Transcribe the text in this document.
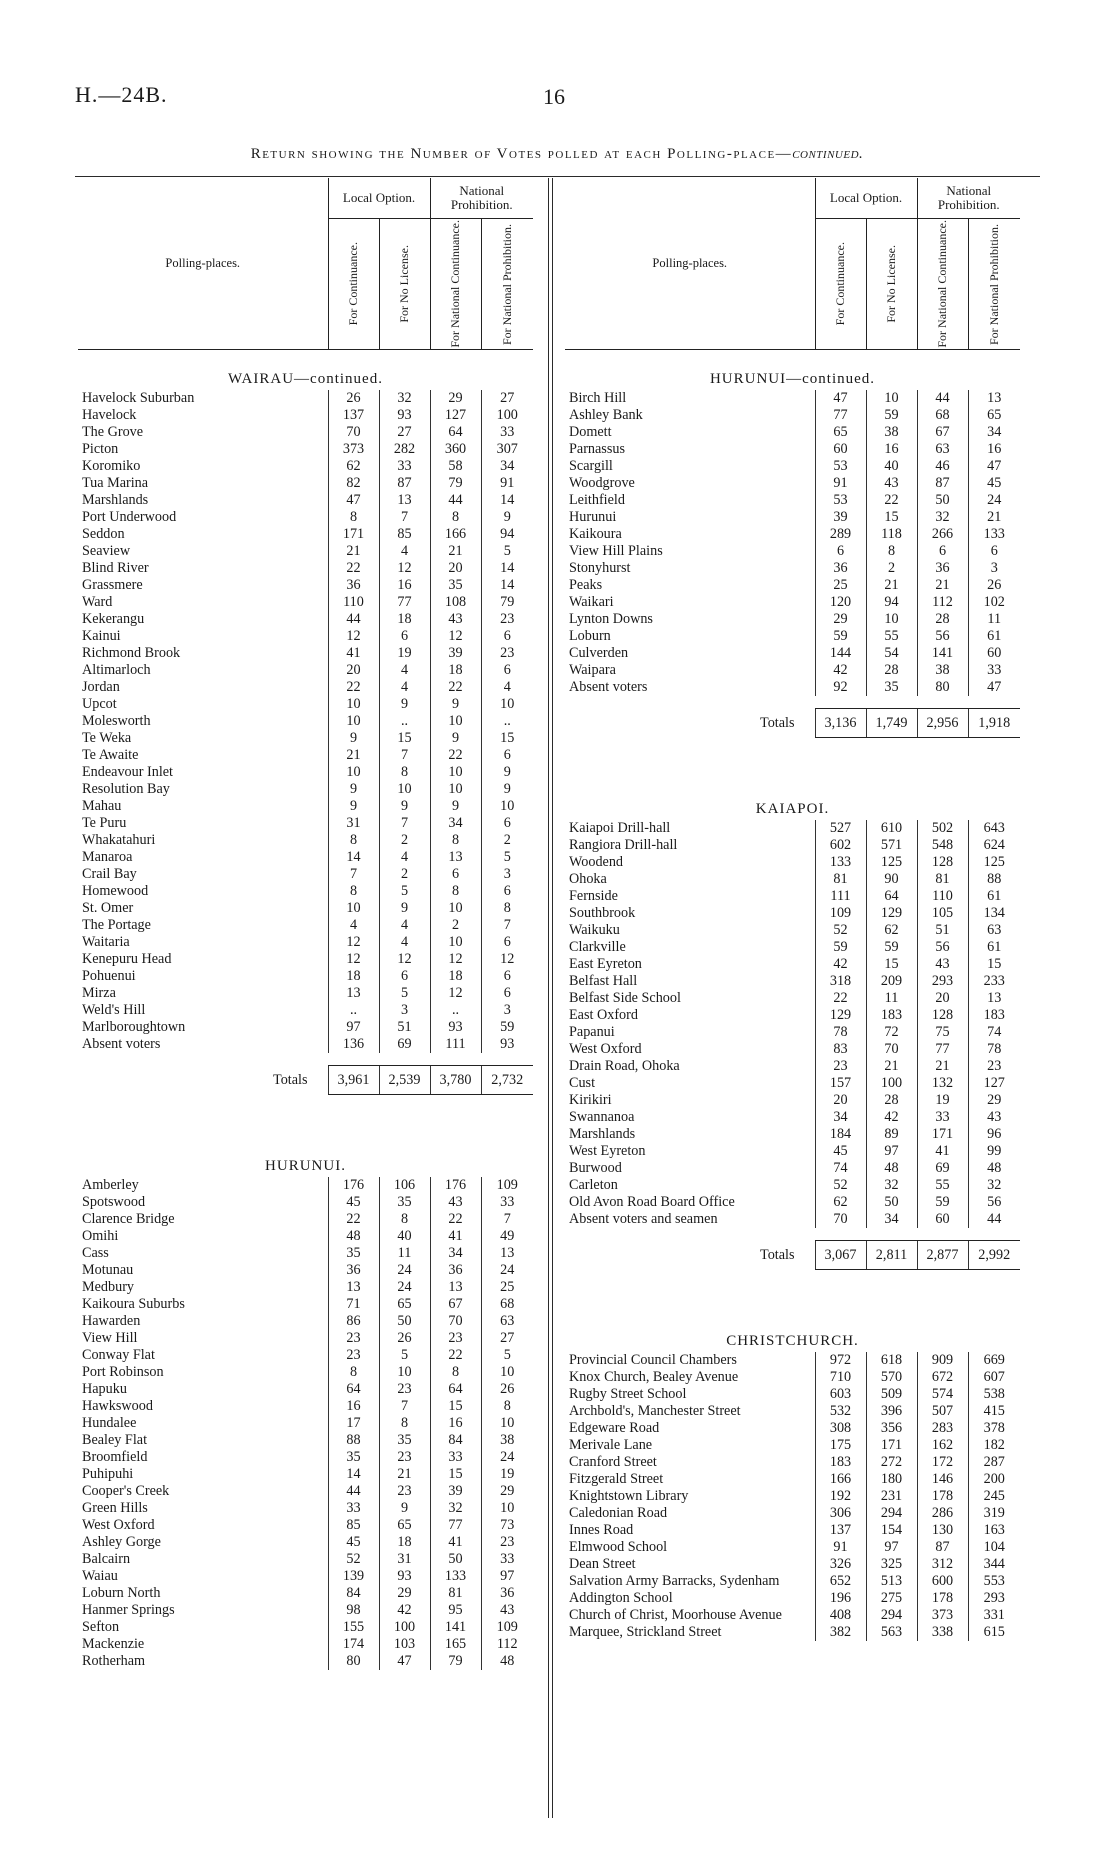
H.—24B.	16
Return showing the Number of Votes polled at each Polling-place—continued.
Polling-places.	Local Option.		National Prohibition.	

	For Continuance.	For No License.	For National Continuance.	For National Prohibition.

WAIRAU—continued.				
Havelock Suburban	26	32	29	27
Havelock	137	93	127	100
The Grove	70	27	64	33
Picton	373	282	360	307
Koromiko	62	33	58	34
Tua Marina	82	87	79	91
Marshlands	47	13	44	14
Port Underwood	8	7	8	9
Seddon	171	85	166	94
Seaview	21	4	21	5
Blind River	22	12	20	14
Grassmere	36	16	35	14
Ward	110	77	108	79
Kekerangu	44	18	43	23
Kainui	12	6	12	6
Richmond Brook	41	19	39	23
Altimarloch	20	4	18	6
Jordan	22	4	22	4
Upcot	10	9	9	10
Molesworth	10	..	10	..
Te Weka	9	15	9	15
Te Awaite	21	7	22	6
Endeavour Inlet	10	8	10	9
Resolution Bay	9	10	10	9
Mahau	9	9	9	10
Te Puru	31	7	34	6
Whakatahuri	8	2	8	2
Manaroa	14	4	13	5
Crail Bay	7	2	6	3
Homewood	8	5	8	6
St. Omer	10	9	10	8
The Portage	4	4	2	7
Waitaria	12	4	10	6
Kenepuru Head	12	12	12	12
Pohuenui	18	6	18	6
Mirza	13	5	12	6
Weld's Hill	..	3	..	3
Marlboroughtown	97	51	93	59
Absent voters	136	69	111	93

Totals	3,961	2,539	3,780	2,732

HURUNUI.				
Amberley	176	106	176	109
Spotswood	45	35	43	33
Clarence Bridge	22	8	22	7
Omihi	48	40	41	49
Cass	35	11	34	13
Motunau	36	24	36	24
Medbury	13	24	13	25
Kaikoura Suburbs	71	65	67	68
Hawarden	86	50	70	63
View Hill	23	26	23	27
Conway Flat	23	5	22	5
Port Robinson	8	10	8	10
Hapuku	64	23	64	26
Hawkswood	16	7	15	8
Hundalee	17	8	16	10
Bealey Flat	88	35	84	38
Broomfield	35	23	33	24
Puhipuhi	14	21	15	19
Cooper's Creek	44	23	39	29
Green Hills	33	9	32	10
West Oxford	85	65	77	73
Ashley Gorge	45	18	41	23
Balcairn	52	31	50	33
Waiau	139	93	133	97
Loburn North	84	29	81	36
Hanmer Springs	98	42	95	43
Sefton	155	100	141	109
Mackenzie	174	103	165	112
Rotherham	80	47	79	48
Polling-places.	Local Option.		National Prohibition.	

	For Continuance.	For No License.	For National Continuance.	For National Prohibition.

HURUNUI—continued.				
Birch Hill	47	10	44	13
Ashley Bank	77	59	68	65
Domett	65	38	67	34
Parnassus	60	16	63	16
Scargill	53	40	46	47
Woodgrove	91	43	87	45
Leithfield	53	22	50	24
Hurunui	39	15	32	21
Kaikoura	289	118	266	133
View Hill Plains	6	8	6	6
Stonyhurst	36	2	36	3
Peaks	25	21	21	26
Waikari	120	94	112	102
Lynton Downs	29	10	28	11
Loburn	59	55	56	61
Culverden	144	54	141	60
Waipara	42	28	38	33
Absent voters	92	35	80	47

Totals	3,136	1,749	2,956	1,918

KAIAPOI.				
Kaiapoi Drill-hall	527	610	502	643
Rangiora Drill-hall	602	571	548	624
Woodend	133	125	128	125
Ohoka	81	90	81	88
Fernside	111	64	110	61
Southbrook	109	129	105	134
Waikuku	52	62	51	63
Clarkville	59	59	56	61
East Eyreton	42	15	43	15
Belfast Hall	318	209	293	233
Belfast Side School	22	11	20	13
East Oxford	129	183	128	183
Papanui	78	72	75	74
West Oxford	83	70	77	78
Drain Road, Ohoka	23	21	21	23
Cust	157	100	132	127
Kirikiri	20	28	19	29
Swannanoa	34	42	33	43
Marshlands	184	89	171	96
West Eyreton	45	97	41	99
Burwood	74	48	69	48
Carleton	52	32	55	32
Old Avon Road Board Office	62	50	59	56
Absent voters and seamen	70	34	60	44

Totals	3,067	2,811	2,877	2,992

CHRISTCHURCH.				
Provincial Council Chambers	972	618	909	669
Knox Church, Bealey Avenue	710	570	672	607
Rugby Street School	603	509	574	538
Archbold's, Manchester Street	532	396	507	415
Edgeware Road	308	356	283	378
Merivale Lane	175	171	162	182
Cranford Street	183	272	172	287
Fitzgerald Street	166	180	146	200
Knightstown Library	192	231	178	245
Caledonian Road	306	294	286	319
Innes Road	137	154	130	163
Elmwood School	91	97	87	104
Dean Street	326	325	312	344
Salvation Army Barracks, Sydenham	652	513	600	553
Addington School	196	275	178	293
Church of Christ, Moorhouse Avenue	408	294	373	331
Marquee, Strickland Street	382	563	338	615
